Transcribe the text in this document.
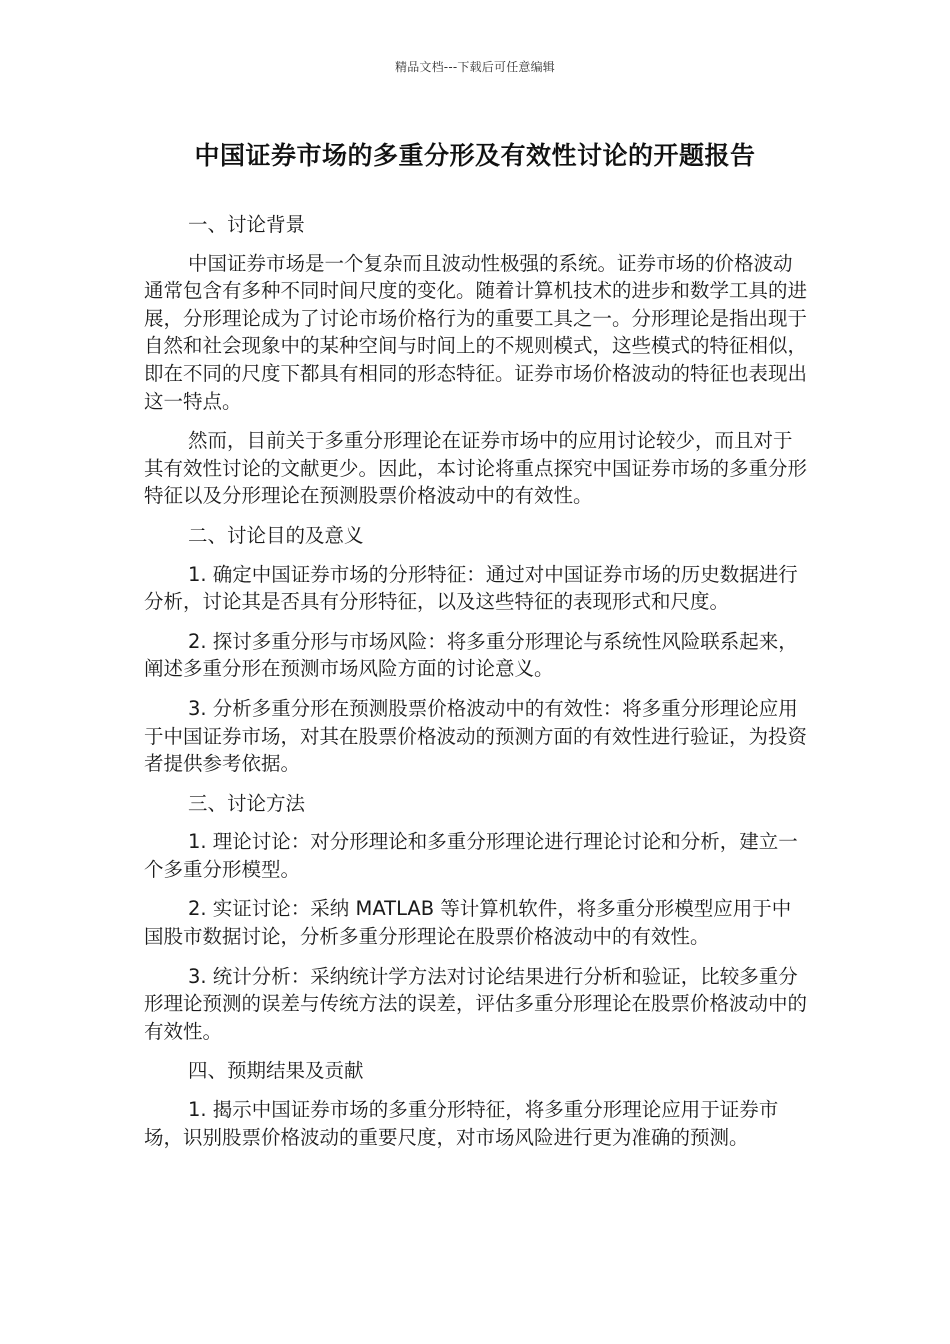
精品文档---下载后可任意编辑
中国证券市场的多重分形及有效性讨论的开题报告

一、讨论背景

中国证券市场是一个复杂而且波动性极强的系统。证券市场的价格波动通常包含有多种不同时间尺度的变化。随着计算机技术的进步和数学工具的进展，分形理论成为了讨论市场价格行为的重要工具之一。分形理论是指出现于自然和社会现象中的某种空间与时间上的不规则模式，这些模式的特征相似，即在不同的尺度下都具有相同的形态特征。证券市场价格波动的特征也表现出这一特点。

然而，目前关于多重分形理论在证券市场中的应用讨论较少，而且对于其有效性讨论的文献更少。因此，本讨论将重点探究中国证券市场的多重分形特征以及分形理论在预测股票价格波动中的有效性。

二、讨论目的及意义

1. 确定中国证券市场的分形特征：通过对中国证券市场的历史数据进行分析，讨论其是否具有分形特征，以及这些特征的表现形式和尺度。

2. 探讨多重分形与市场风险：将多重分形理论与系统性风险联系起来，阐述多重分形在预测市场风险方面的讨论意义。

3. 分析多重分形在预测股票价格波动中的有效性：将多重分形理论应用于中国证券市场，对其在股票价格波动的预测方面的有效性进行验证，为投资者提供参考依据。

三、讨论方法

1. 理论讨论：对分形理论和多重分形理论进行理论讨论和分析，建立一个多重分形模型。

2. 实证讨论：采纳 MATLAB 等计算机软件，将多重分形模型应用于中国股市数据讨论，分析多重分形理论在股票价格波动中的有效性。

3. 统计分析：采纳统计学方法对讨论结果进行分析和验证，比较多重分形理论预测的误差与传统方法的误差，评估多重分形理论在股票价格波动中的有效性。

四、预期结果及贡献

1. 揭示中国证券市场的多重分形特征，将多重分形理论应用于证券市场，识别股票价格波动的重要尺度，对市场风险进行更为准确的预测。
